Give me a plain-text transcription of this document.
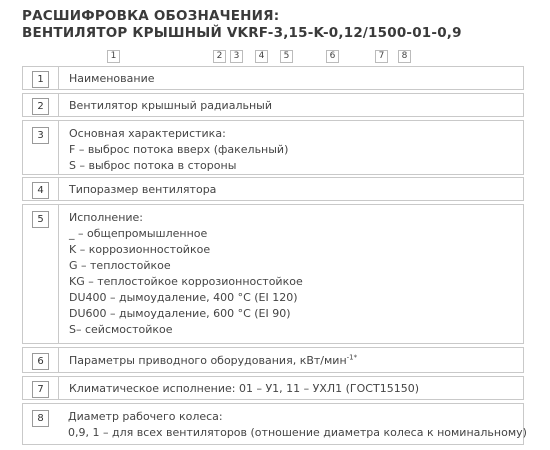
РАСШИФРОВКА ОБОЗНАЧЕНИЯ:
ВЕНТИЛЯТОР КРЫШНЫЙ VKRF-3,15-K-0,12/1500-01-0,9
1	2	3	4	5	6	7	8
1	Наименование
2	Вентилятор крышный радиальный
3	Основная характеристика:
F – выброс потока вверх (факельный)
S – выброс потока в стороны
4	Типоразмер вентилятора
5	Исполнение:
_ – общепромышленное
K – коррозионностойкое
G – теплостойкое
KG – теплостойкое коррозионностойкое
DU400 – дымоудаление, 400 °C (EI 120)
DU600 – дымоудаление, 600 °C (EI 90)
S– сейсмостойкое
6	Параметры приводного оборудования, кВт/мин$^{-1*}$
7	Климатическое исполнение: 01 – У1, 11 – УХЛ1 (ГОСТ15150)
8	Диаметр рабочего колеса:
0,9, 1 – для всех вентиляторов (отношение диаметра колеса к номинальному)
